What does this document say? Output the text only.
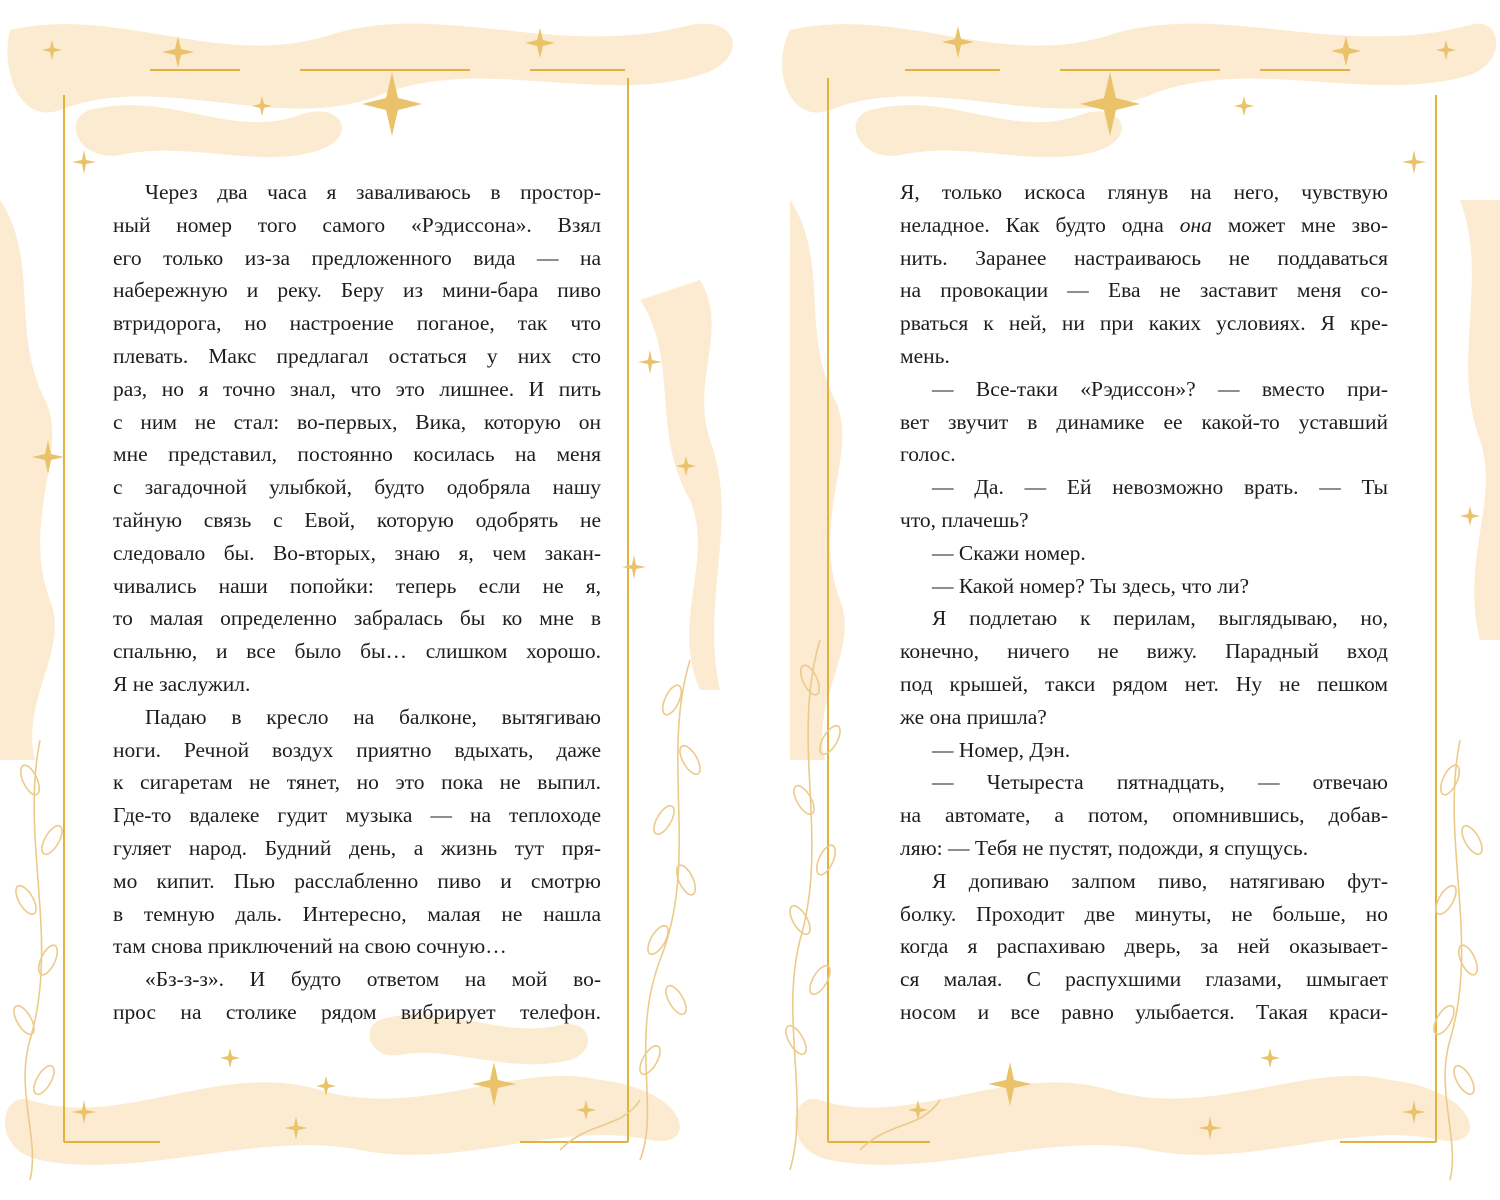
Через два часа я заваливаюсь в простор-
ный номер того самого «Рэдиссона». Взял
его только из-за предложенного вида — на
набережную и реку. Беру из мини-бара пиво
втридорога, но настроение поганое, так что
плевать. Макс предлагал остаться у них сто
раз, но я точно знал, что это лишнее. И пить
с ним не стал: во-первых, Вика, которую он
мне представил, постоянно косилась на меня
с загадочной улыбкой, будто одобряла нашу
тайную связь с Евой, которую одобрять не
следовало бы. Во-вторых, знаю я, чем закан-
чивались наши попойки: теперь если не я,
то малая определенно забралась бы ко мне в
спальню, и все было бы… слишком хорошо.
Я не заслужил.
Падаю в кресло на балконе, вытягиваю
ноги. Речной воздух приятно вдыхать, даже
к сигаретам не тянет, но это пока не выпил.
Где-то вдалеке гудит музыка — на теплоходе
гуляет народ. Будний день, а жизнь тут пря-
мо кипит. Пью расслабленно пиво и смотрю
в темную даль. Интересно, малая не нашла
там снова приключений на свою сочную…
«Бз-з-з». И будто ответом на мой во-
прос на столике рядом вибрирует телефон.
Я, только искоса глянув на него, чувствую
неладное. Как будто одна она может мне зво-
нить. Заранее настраиваюсь не поддаваться
на провокации — Ева не заставит меня со-
рваться к ней, ни при каких условиях. Я кре-
мень.
— Все-таки «Рэдиссон»? — вместо при-
вет звучит в динамике ее какой-то уставший
голос.
— Да. — Ей невозможно врать. — Ты
что, плачешь?
— Скажи номер.
— Какой номер? Ты здесь, что ли?
Я подлетаю к перилам, выглядываю, но,
конечно, ничего не вижу. Парадный вход
под крышей, такси рядом нет. Ну не пешком
же она пришла?
— Номер, Дэн.
— Четыреста пятнадцать, — отвечаю
на автомате, а потом, опомнившись, добав-
ляю: — Тебя не пустят, подожди, я спущусь.
Я допиваю залпом пиво, натягиваю фут-
болку. Проходит две минуты, не больше, но
когда я распахиваю дверь, за ней оказывает-
ся малая. С распухшими глазами, шмыгает
носом и все равно улыбается. Такая краси-
